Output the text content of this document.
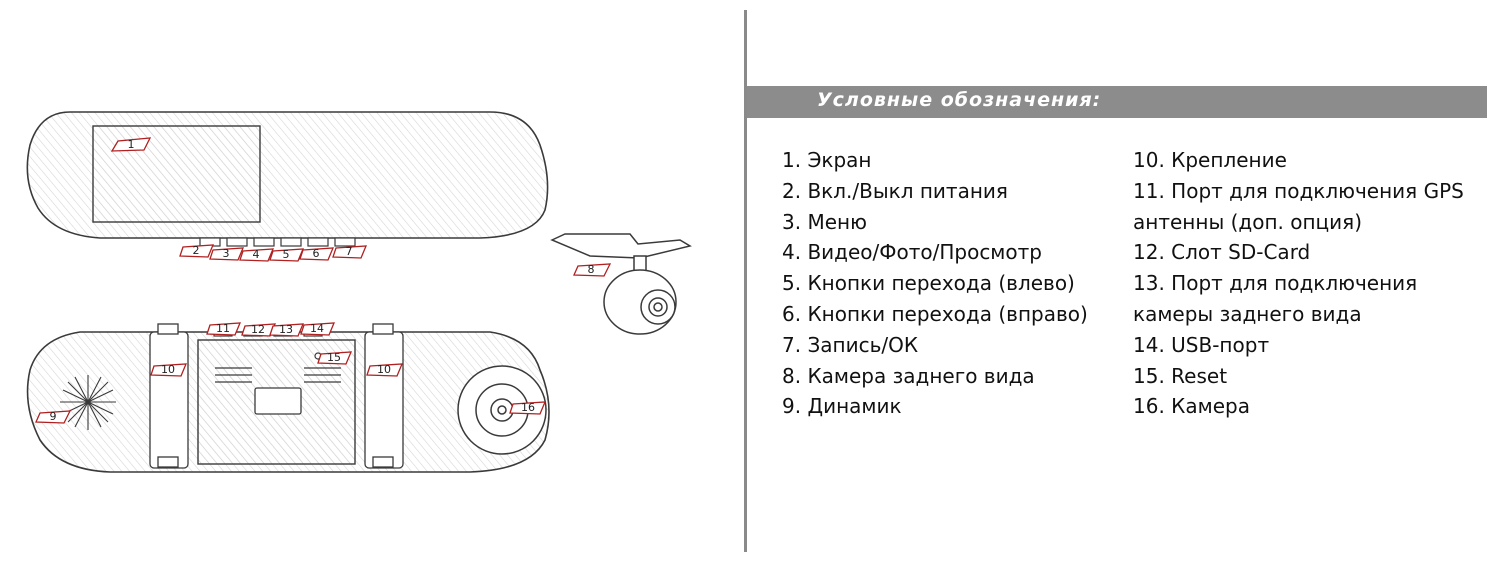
1
2 3 4 5 6 7
8
9
10	10
11 12 13 14
15
16
Условные обозначения:
1. Экран
2. Вкл./Выкл питания
3. Меню
4. Видео/Фото/Просмотр
5. Кнопки перехода (влево)
6. Кнопки перехода (вправо)
7. Запись/ОК
8. Камера заднего вида
9. Динамик
10. Крепление
11. Порт для подключения GPS
антенны (доп. опция)
12. Слот SD-Card
13. Порт для подключения
камеры заднего вида
14. USB-порт
15. Reset
16. Камера
